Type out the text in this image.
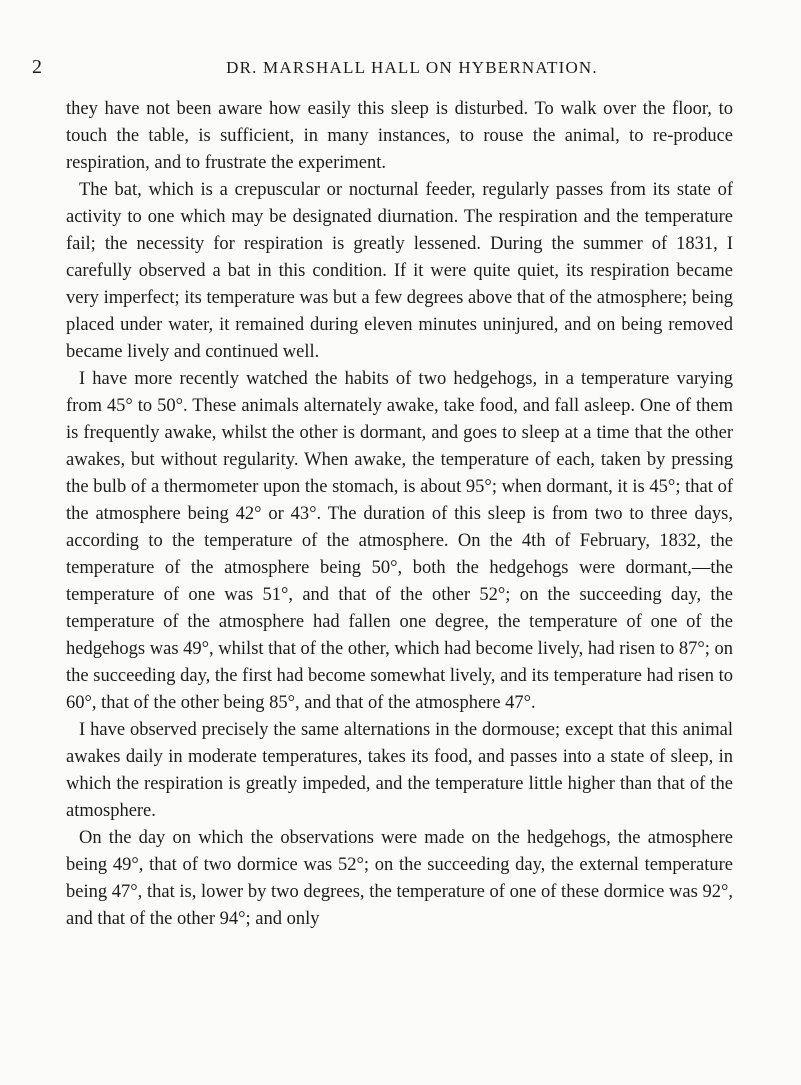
2	DR. MARSHALL HALL ON HYBERNATION.

they have not been aware how easily this sleep is disturbed. To walk over the floor, to touch the table, is sufficient, in many instances, to rouse the animal, to re-produce respiration, and to frustrate the experiment.

The bat, which is a crepuscular or nocturnal feeder, regularly passes from its state of activity to one which may be designated diurnation. The respiration and the temperature fail; the necessity for respiration is greatly lessened. During the summer of 1831, I carefully observed a bat in this condition. If it were quite quiet, its respiration became very imperfect; its temperature was but a few degrees above that of the atmosphere; being placed under water, it remained during eleven minutes uninjured, and on being removed became lively and continued well.

I have more recently watched the habits of two hedgehogs, in a temperature varying from 45° to 50°. These animals alternately awake, take food, and fall asleep. One of them is frequently awake, whilst the other is dormant, and goes to sleep at a time that the other awakes, but without regularity. When awake, the temperature of each, taken by pressing the bulb of a thermometer upon the stomach, is about 95°; when dormant, it is 45°; that of the atmosphere being 42° or 43°. The duration of this sleep is from two to three days, according to the temperature of the atmosphere. On the 4th of February, 1832, the temperature of the atmosphere being 50°, both the hedgehogs were dormant,—the temperature of one was 51°, and that of the other 52°; on the succeeding day, the temperature of the atmosphere had fallen one degree, the temperature of one of the hedgehogs was 49°, whilst that of the other, which had become lively, had risen to 87°; on the succeeding day, the first had become somewhat lively, and its temperature had risen to 60°, that of the other being 85°, and that of the atmosphere 47°.

I have observed precisely the same alternations in the dormouse; except that this animal awakes daily in moderate temperatures, takes its food, and passes into a state of sleep, in which the respiration is greatly impeded, and the temperature little higher than that of the atmosphere.

On the day on which the observations were made on the hedgehogs, the atmosphere being 49°, that of two dormice was 52°; on the succeeding day, the external temperature being 47°, that is, lower by two degrees, the temperature of one of these dormice was 92°, and that of the other 94°; and only
